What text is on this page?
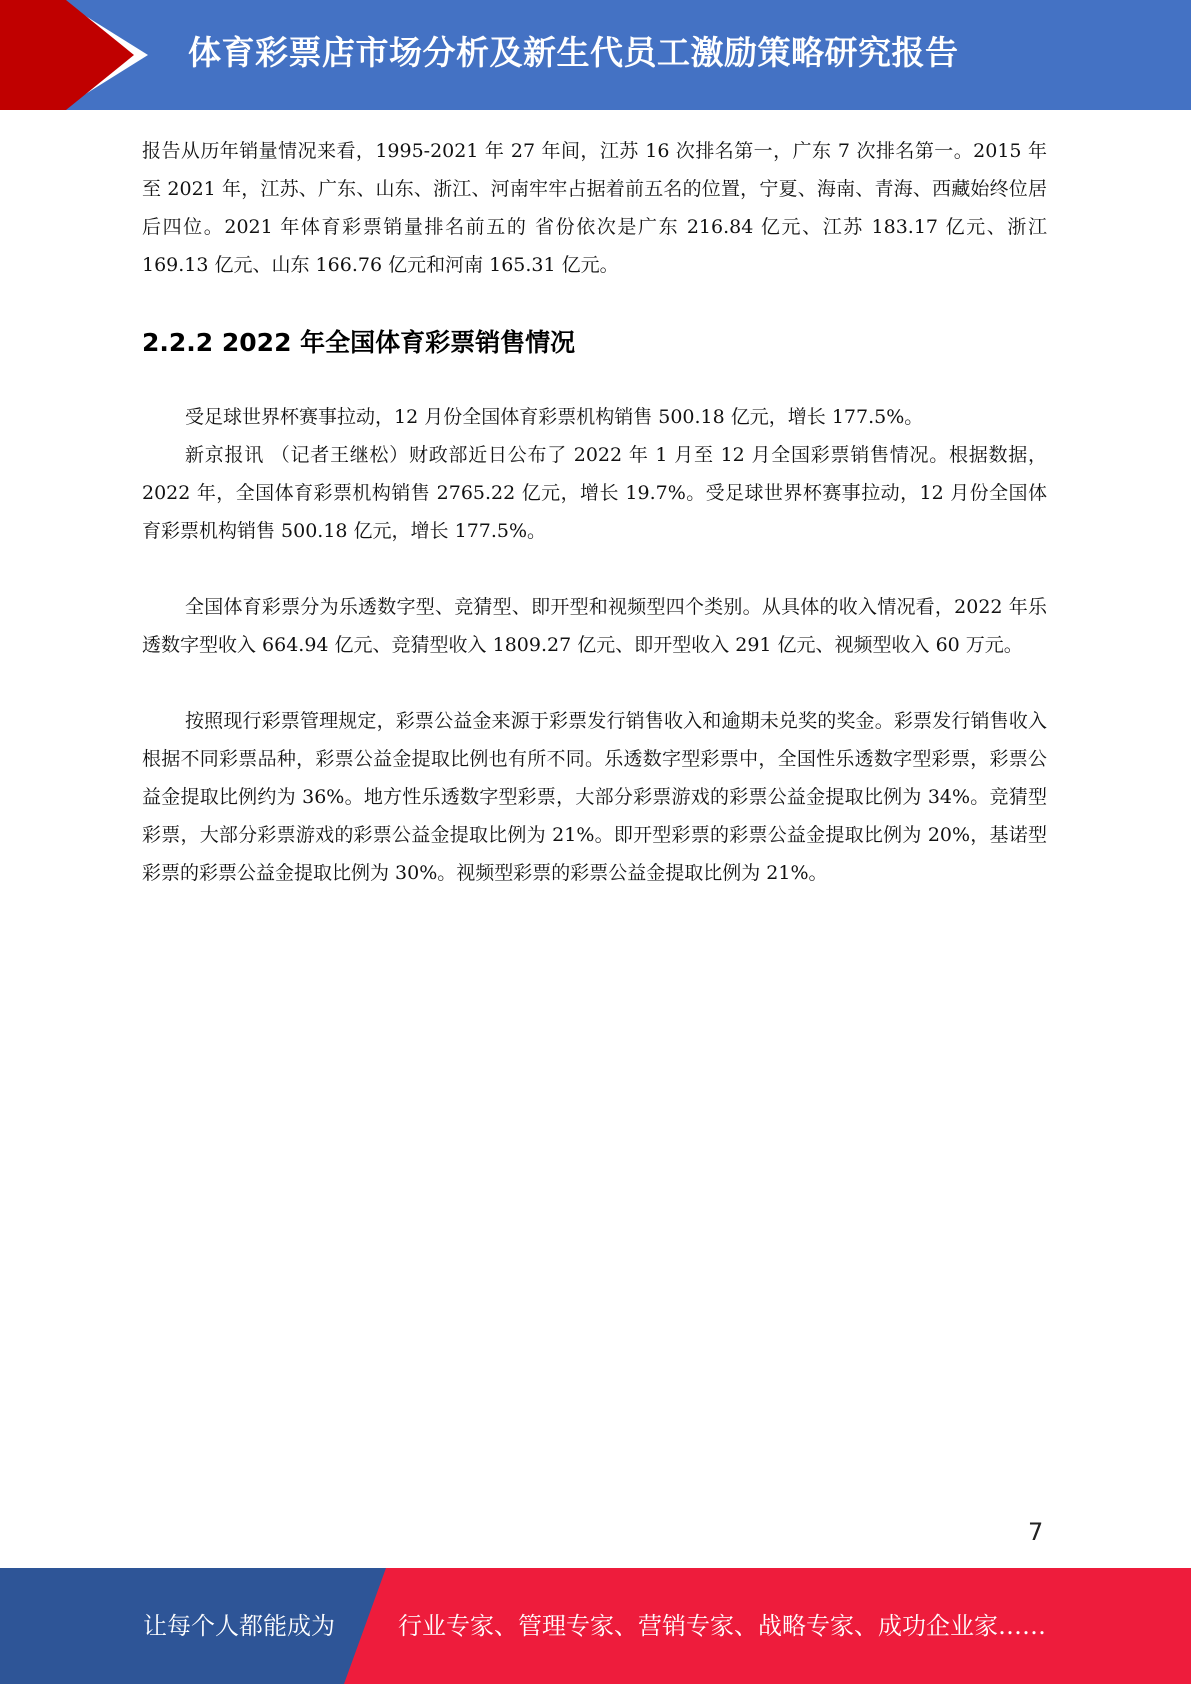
体育彩票店市场分析及新生代员工激励策略研究报告

报告从历年销量情况来看，1995-2021 年 27 年间，江苏 16 次排名第一，广东 7 次排名第一。2015 年至 2021 年，江苏、广东、山东、浙江、河南牢牢占据着前五名的位置，宁夏、海南、青海、西藏始终位居后四位。2021 年体育彩票销量排名前五的 省份依次是广东 216.84 亿元、江苏 183.17 亿元、浙江 169.13 亿元、山东 166.76 亿元和河南 165.31 亿元。

2.2.2 2022 年全国体育彩票销售情况

受足球世界杯赛事拉动，12 月份全国体育彩票机构销售 500.18 亿元，增长 177.5%。

新京报讯 （记者王继松）财政部近日公布了 2022 年 1 月至 12 月全国彩票销售情况。根据数据，2022 年，全国体育彩票机构销售 2765.22 亿元，增长 19.7%。受足球世界杯赛事拉动，12 月份全国体育彩票机构销售 500.18 亿元，增长 177.5%。

全国体育彩票分为乐透数字型、竞猜型、即开型和视频型四个类别。从具体的收入情况看，2022 年乐透数字型收入 664.94 亿元、竞猜型收入 1809.27 亿元、即开型收入 291 亿元、视频型收入 60 万元。

按照现行彩票管理规定，彩票公益金来源于彩票发行销售收入和逾期未兑奖的奖金。彩票发行销售收入根据不同彩票品种，彩票公益金提取比例也有所不同。乐透数字型彩票中，全国性乐透数字型彩票，彩票公益金提取比例约为 36%。地方性乐透数字型彩票，大部分彩票游戏的彩票公益金提取比例为 34%。竞猜型彩票，大部分彩票游戏的彩票公益金提取比例为 21%。即开型彩票的彩票公益金提取比例为 20%，基诺型彩票的彩票公益金提取比例为 30%。视频型彩票的彩票公益金提取比例为 21%。

7
让每个人都能成为	行业专家、管理专家、营销专家、战略专家、成功企业家……
